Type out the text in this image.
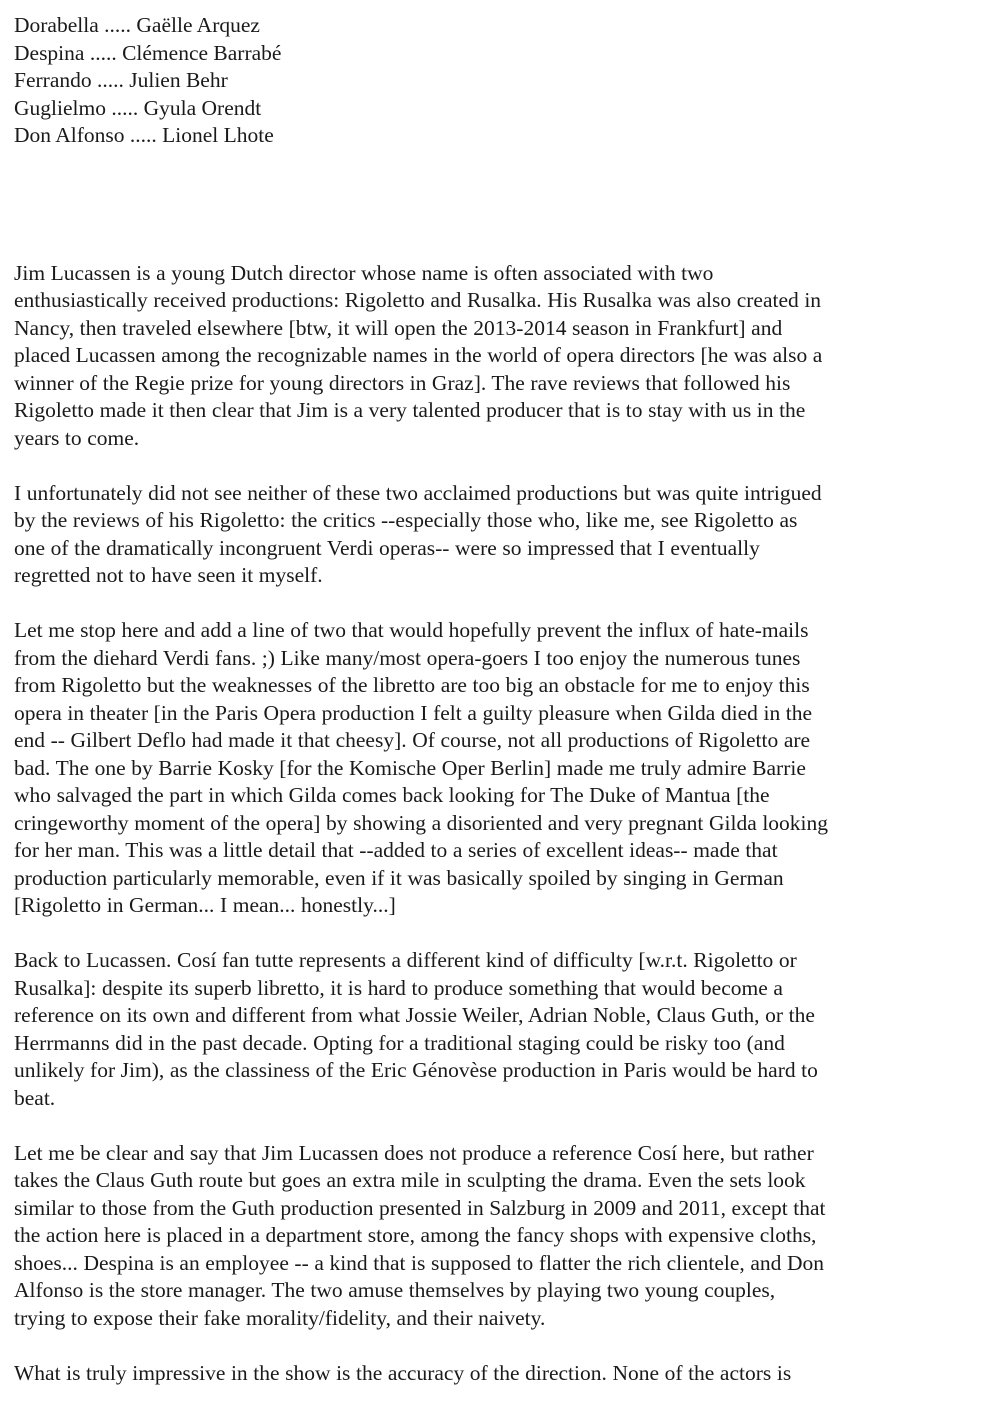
Dorabella ..... Gaëlle Arquez
Despina ..... Clémence Barrabé
Ferrando ..... Julien Behr
Guglielmo ..... Gyula Orendt
Don Alfonso ..... Lionel Lhote

Jim Lucassen is a young Dutch director whose name is often associated with two
enthusiastically received productions: Rigoletto and Rusalka. His Rusalka was also created in
Nancy, then traveled elsewhere [btw, it will open the 2013-2014 season in Frankfurt] and
placed Lucassen among the recognizable names in the world of opera directors [he was also a
winner of the Regie prize for young directors in Graz]. The rave reviews that followed his
Rigoletto made it then clear that Jim is a very talented producer that is to stay with us in the
years to come.

I unfortunately did not see neither of these two acclaimed productions but was quite intrigued
by the reviews of his Rigoletto: the critics --especially those who, like me, see Rigoletto as
one of the dramatically incongruent Verdi operas-- were so impressed that I eventually
regretted not to have seen it myself.

Let me stop here and add a line of two that would hopefully prevent the influx of hate-mails
from the diehard Verdi fans. ;) Like many/most opera-goers I too enjoy the numerous tunes
from Rigoletto but the weaknesses of the libretto are too big an obstacle for me to enjoy this
opera in theater [in the Paris Opera production I felt a guilty pleasure when Gilda died in the
end -- Gilbert Deflo had made it that cheesy]. Of course, not all productions of Rigoletto are
bad. The one by Barrie Kosky [for the Komische Oper Berlin] made me truly admire Barrie
who salvaged the part in which Gilda comes back looking for The Duke of Mantua [the
cringeworthy moment of the opera] by showing a disoriented and very pregnant Gilda looking
for her man. This was a little detail that --added to a series of excellent ideas-- made that
production particularly memorable, even if it was basically spoiled by singing in German
[Rigoletto in German... I mean... honestly...]

Back to Lucassen. Cosí fan tutte represents a different kind of difficulty [w.r.t. Rigoletto or
Rusalka]: despite its superb libretto, it is hard to produce something that would become a
reference on its own and different from what Jossie Weiler, Adrian Noble, Claus Guth, or the
Herrmanns did in the past decade. Opting for a traditional staging could be risky too (and
unlikely for Jim), as the classiness of the Eric Génovèse production in Paris would be hard to
beat.

Let me be clear and say that Jim Lucassen does not produce a reference Cosí here, but rather
takes the Claus Guth route but goes an extra mile in sculpting the drama. Even the sets look
similar to those from the Guth production presented in Salzburg in 2009 and 2011, except that
the action here is placed in a department store, among the fancy shops with expensive cloths,
shoes... Despina is an employee -- a kind that is supposed to flatter the rich clientele, and Don
Alfonso is the store manager. The two amuse themselves by playing two young couples,
trying to expose their fake morality/fidelity, and their naivety.

What is truly impressive in the show is the accuracy of the direction. None of the actors is
